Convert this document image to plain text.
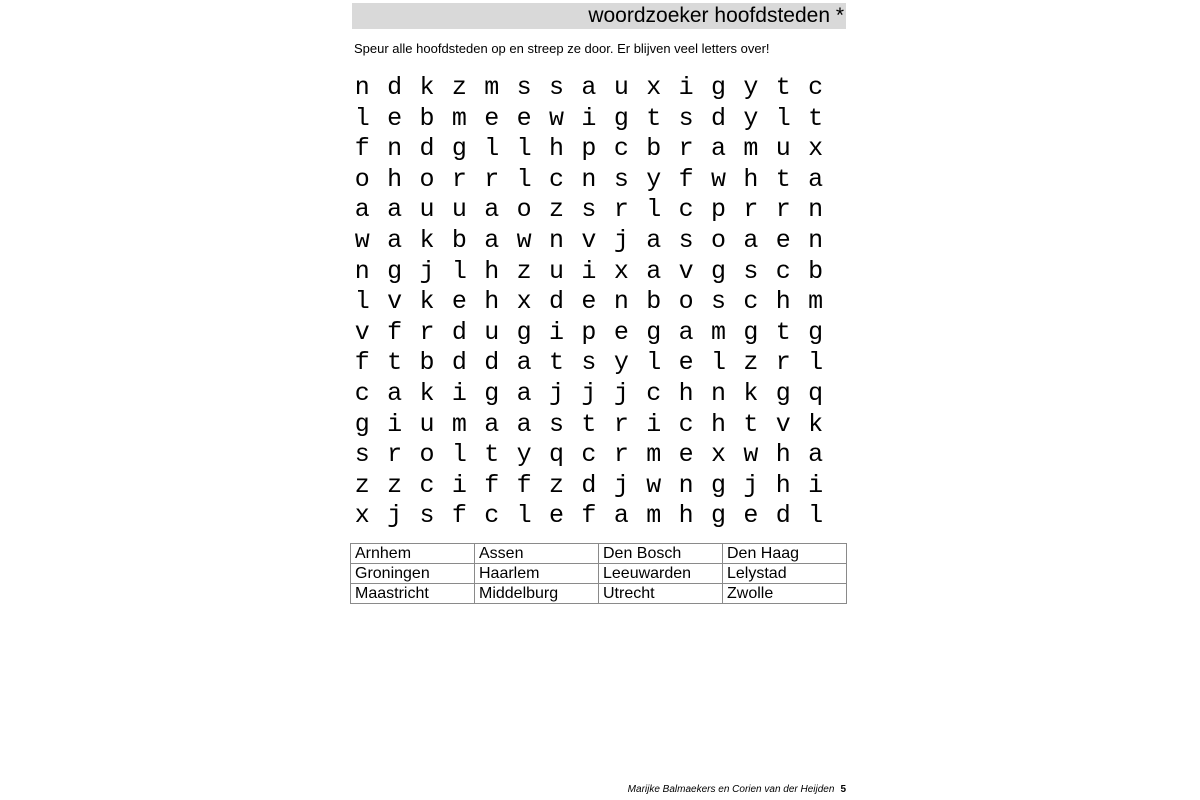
woordzoeker hoofdsteden *
Speur alle hoofdsteden op en streep ze door. Er blijven veel letters over!
n d k z m s s a u x i g y t c
l e b m e e w i g t s d y l t
f n d g l l h p c b r a m u x
o h o r r l c n s y f w h t a
a a u u a o z s r l c p r r n
w a k b a w n v j a s o a e n
n g j l h z u i x a v g s c b
l v k e h x d e n b o s c h m
v f r d u g i p e g a m g t g
f t b d d a t s y l e l z r l
c a k i g a j j j c h n k g q
g i u m a a s t r i c h t v k
s r o l t y q c r m e x w h a
z z c i f f z d j w n g j h i
x j s f c l e f a m h g e d l
Arnhem	Assen	Den Bosch	Den Haag
Groningen	Haarlem	Leeuwarden	Lelystad
Maastricht	Middelburg	Utrecht	Zwolle
Marijke Balmaekers en Corien van der Heijden 5
